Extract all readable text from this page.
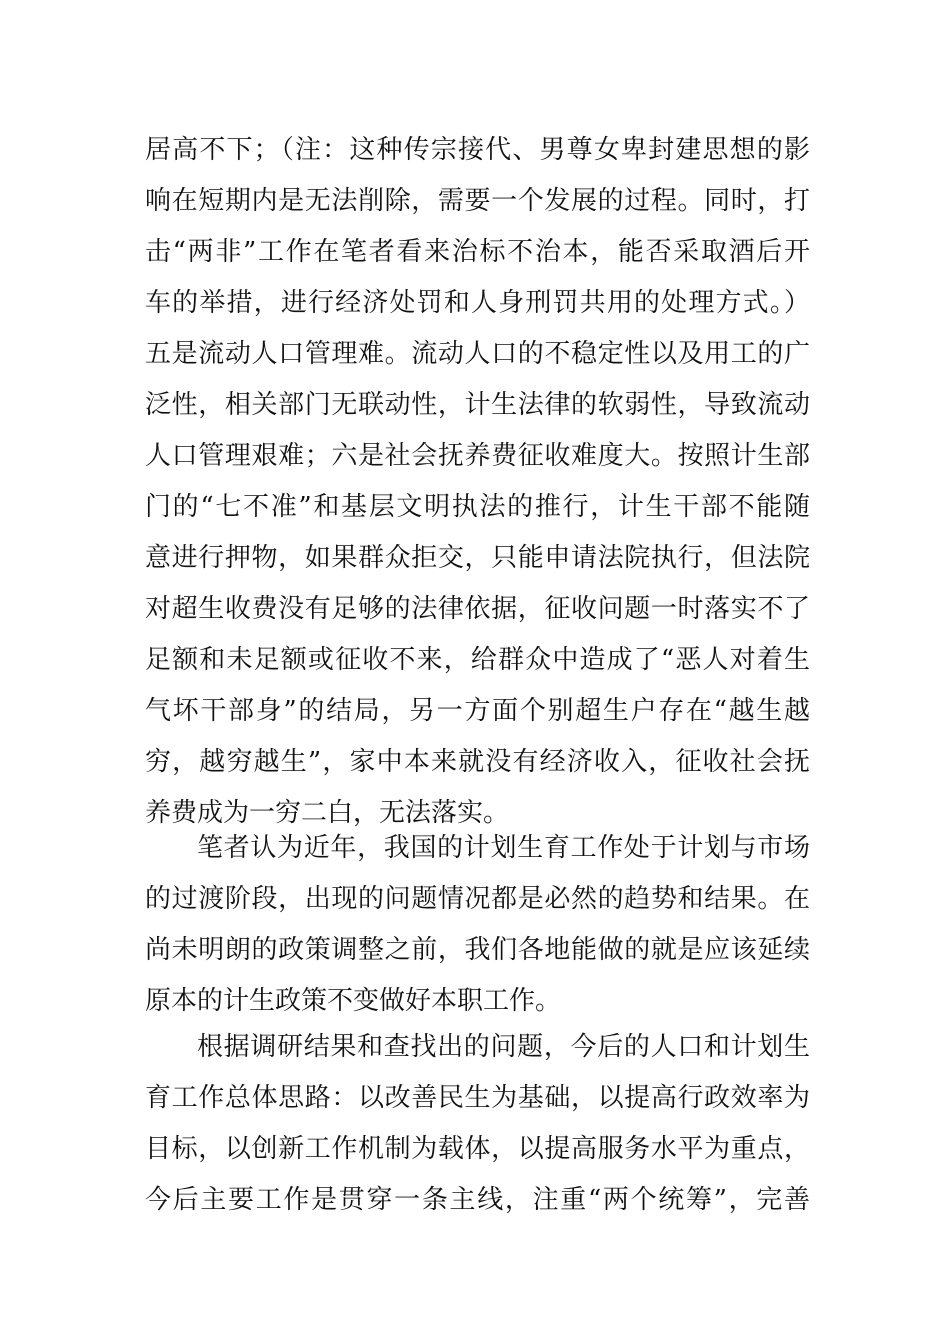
居高不下；（注：这种传宗接代、男尊女卑封建思想的影
响在短期内是无法削除，需要一个发展的过程。同时，打
击“两非”工作在笔者看来治标不治本，能否采取酒后开
车的举措，进行经济处罚和人身刑罚共用的处理方式。）
五是流动人口管理难。流动人口的不稳定性以及用工的广
泛性，相关部门无联动性，计生法律的软弱性，导致流动
人口管理艰难；六是社会抚养费征收难度大。按照计生部
门的“七不准”和基层文明执法的推行，计生干部不能随
意进行押物，如果群众拒交，只能申请法院执行，但法院
对超生收费没有足够的法律依据，征收问题一时落实不了
足额和未足额或征收不来，给群众中造成了“恶人对着生
气坏干部身”的结局，另一方面个别超生户存在“越生越
穷，越穷越生”，家中本来就没有经济收入，征收社会抚
养费成为一穷二白，无法落实。
笔者认为近年，我国的计划生育工作处于计划与市场
的过渡阶段，出现的问题情况都是必然的趋势和结果。在
尚未明朗的政策调整之前，我们各地能做的就是应该延续
原本的计生政策不变做好本职工作。
根据调研结果和查找出的问题，今后的人口和计划生
育工作总体思路：以改善民生为基础，以提高行政效率为
目标，以创新工作机制为载体，以提高服务水平为重点，
今后主要工作是贯穿一条主线，注重“两个统筹”，完善
